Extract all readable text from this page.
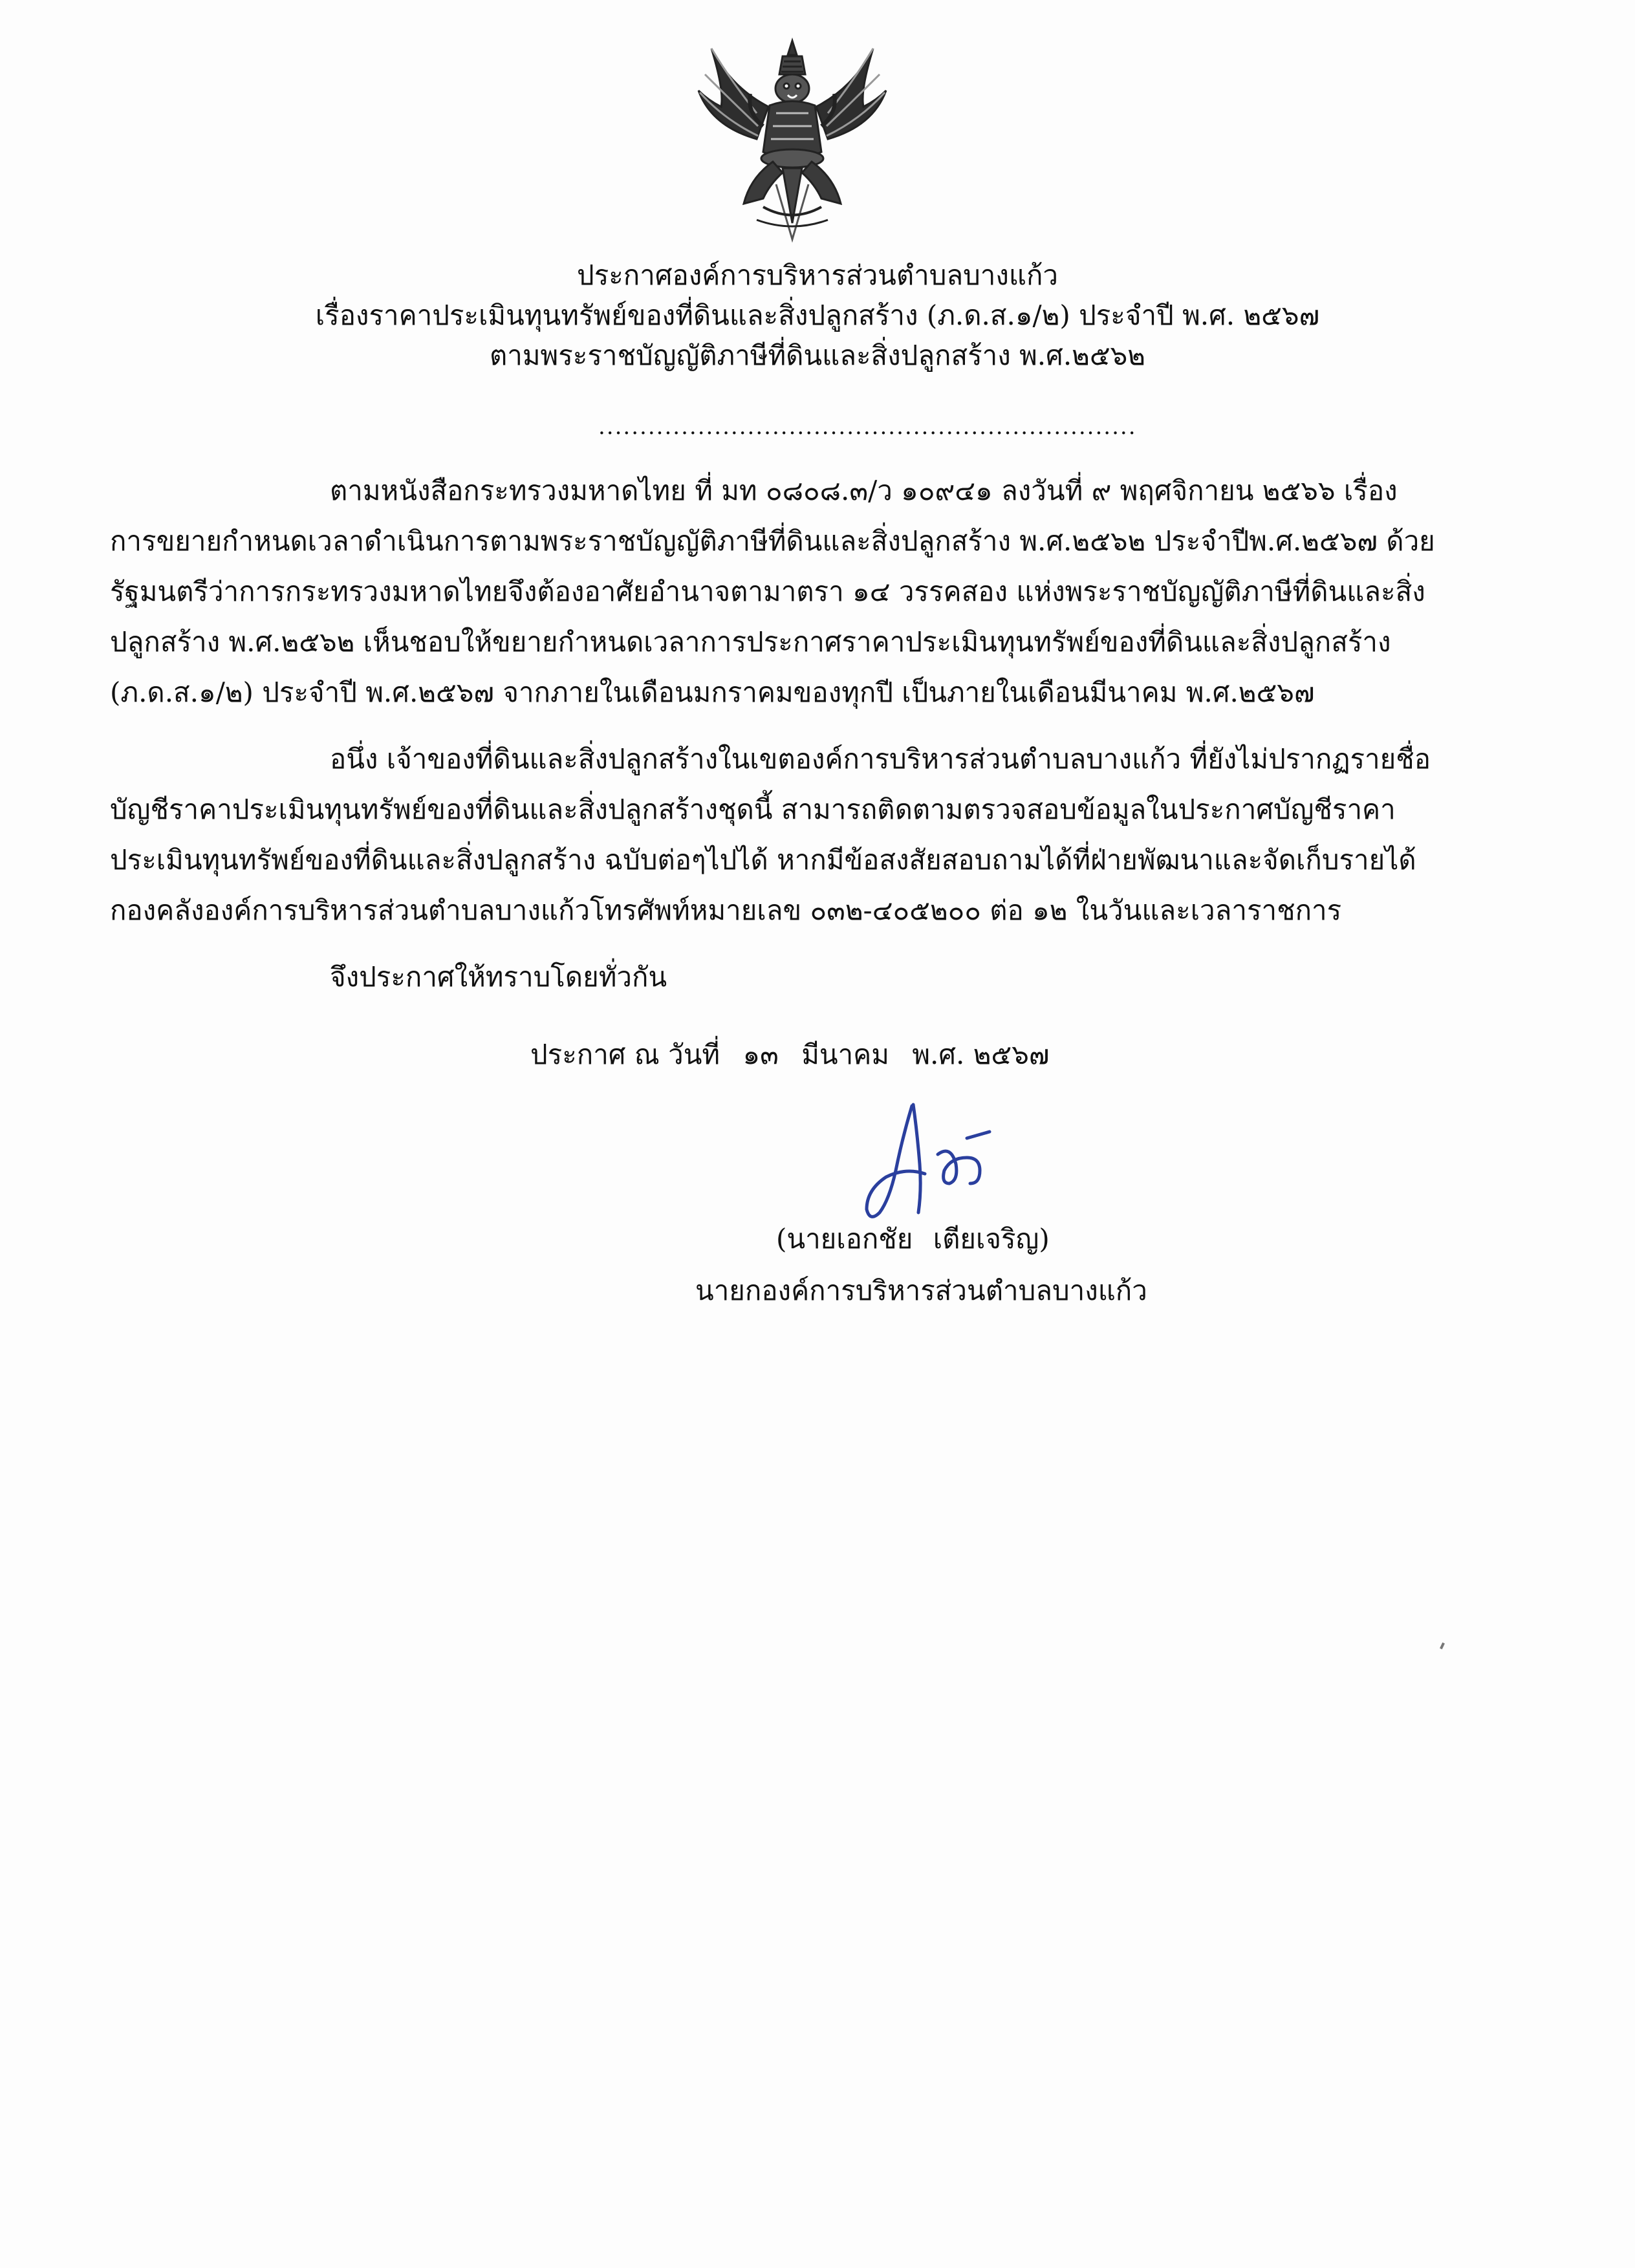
ประกาศองค์การบริหารส่วนตำบลบางแก้ว

เรื่องราคาประเมินทุนทรัพย์ของที่ดินและสิ่งปลูกสร้าง (ภ.ด.ส.๑/๒) ประจำปี พ.ศ. ๒๕๖๗

ตามพระราชบัญญัติภาษีที่ดินและสิ่งปลูกสร้าง พ.ศ.๒๕๖๒

.................................................................
ตามหนังสือกระทรวงมหาดไทย ที่ มท ๐๘๐๘.๓/ว ๑๐๙๔๑ ลงวันที่ ๙ พฤศจิกายน ๒๕๖๖ เรื่อง
การขยายกำหนดเวลาดำเนินการตามพระราชบัญญัติภาษีที่ดินและสิ่งปลูกสร้าง พ.ศ.๒๕๖๒ ประจำปีพ.ศ.๒๕๖๗ ด้วย
รัฐมนตรีว่าการกระทรวงมหาดไทยจึงต้องอาศัยอำนาจตามาตรา ๑๔ วรรคสอง แห่งพระราชบัญญัติภาษีที่ดินและสิ่ง
ปลูกสร้าง พ.ศ.๒๕๖๒ เห็นชอบให้ขยายกำหนดเวลาการประกาศราคาประเมินทุนทรัพย์ของที่ดินและสิ่งปลูกสร้าง
(ภ.ด.ส.๑/๒) ประจำปี พ.ศ.๒๕๖๗ จากภายในเดือนมกราคมของทุกปี เป็นภายในเดือนมีนาคม พ.ศ.๒๕๖๗
อนึ่ง เจ้าของที่ดินและสิ่งปลูกสร้างในเขตองค์การบริหารส่วนตำบลบางแก้ว ที่ยังไม่ปรากฏรายชื่อ
บัญชีราคาประเมินทุนทรัพย์ของที่ดินและสิ่งปลูกสร้างชุดนี้ สามารถติดตามตรวจสอบข้อมูลในประกาศบัญชีราคา
ประเมินทุนทรัพย์ของที่ดินและสิ่งปลูกสร้าง ฉบับต่อๆไปได้ หากมีข้อสงสัยสอบถามได้ที่ฝ่ายพัฒนาและจัดเก็บรายได้
กองคลังองค์การบริหารส่วนตำบลบางแก้วโทรศัพท์หมายเลข ๐๓๒-๔๐๕๒๐๐ ต่อ ๑๒ ในวันและเวลาราชการ
จึงประกาศให้ทราบโดยทั่วกัน
ประกาศ ณ วันที่ ๑๓ มีนาคม พ.ศ. ๒๕๖๗
(นายเอกชัย เตียเจริญ)
นายกองค์การบริหารส่วนตำบลบางแก้ว
